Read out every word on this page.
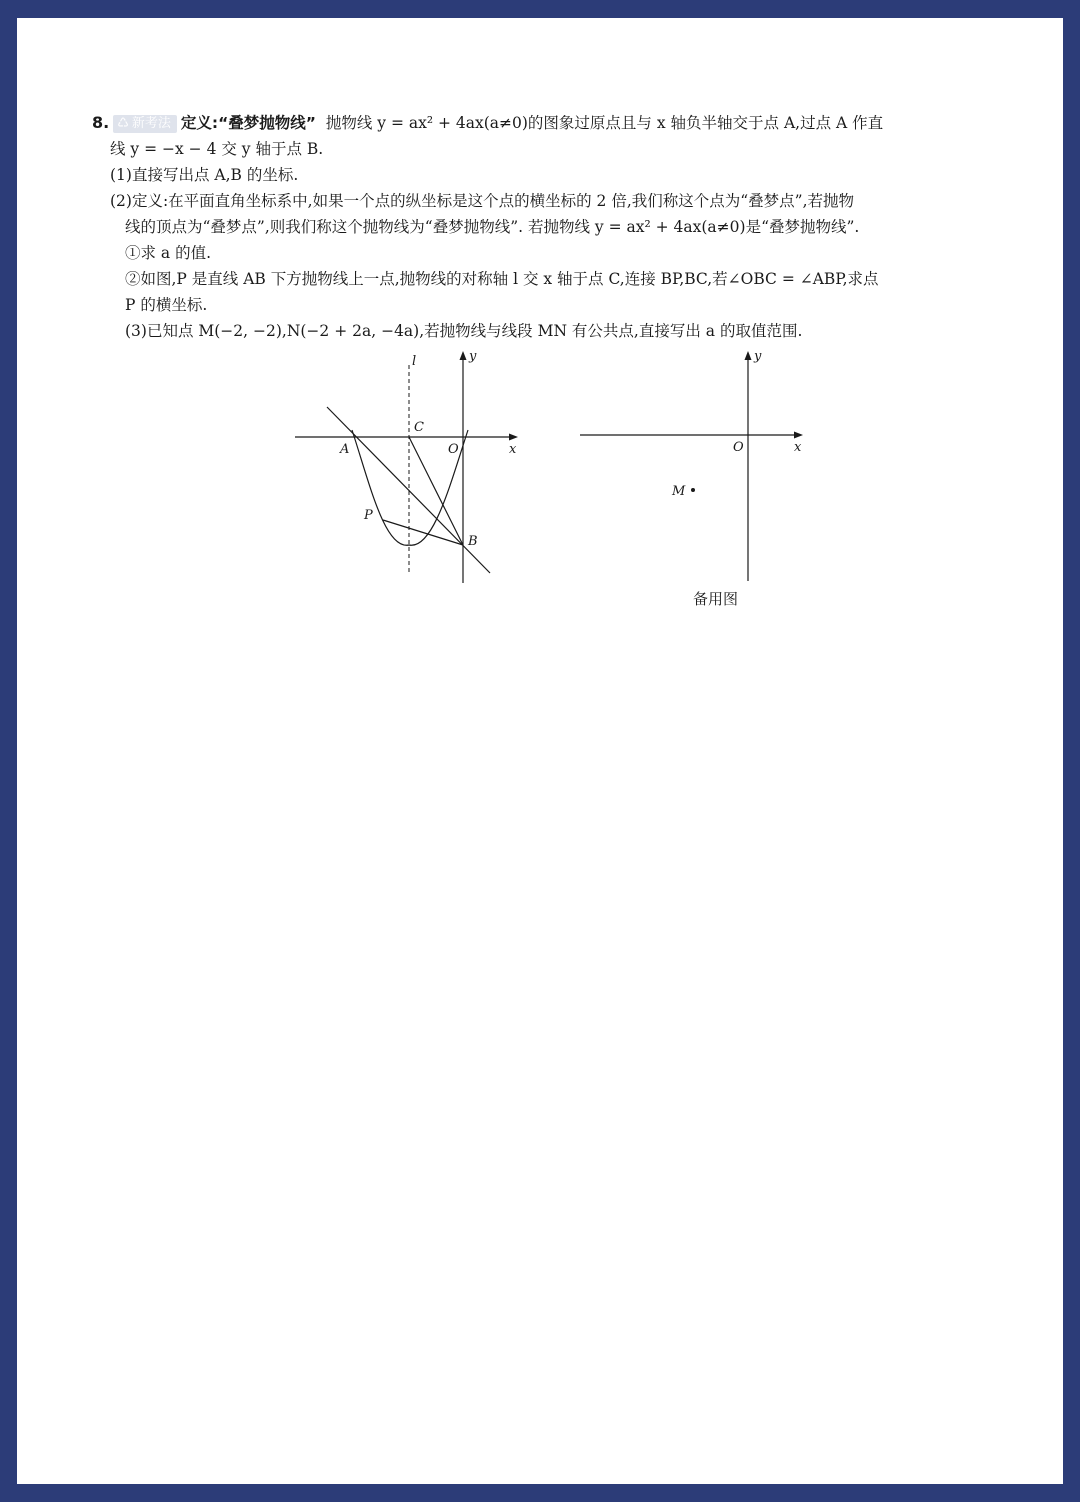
8. ♺ 新考法 定义:“叠梦抛物线” 抛物线 y = ax² + 4ax(a≠0)的图象过原点且与 x 轴负半轴交于点 A,过点 A 作直
线 y = −x − 4 交 y 轴于点 B.
(1)直接写出点 A,B 的坐标.
(2)定义:在平面直角坐标系中,如果一个点的纵坐标是这个点的横坐标的 2 倍,我们称这个点为“叠梦点”,若抛物
线的顶点为“叠梦点”,则我们称这个抛物线为“叠梦抛物线”. 若抛物线 y = ax² + 4ax(a≠0)是“叠梦抛物线”.
①求 a 的值.
②如图,P 是直线 AB 下方抛物线上一点,抛物线的对称轴 l 交 x 轴于点 C,连接 BP,BC,若∠OBC = ∠ABP,求点
P 的横坐标.
(3)已知点 M(−2, −2),N(−2 + 2a, −4a),若抛物线与线段 MN 有公共点,直接写出 a 的取值范围.
l	y
x
C
A	O
P
B
y
x
O
M
备用图
